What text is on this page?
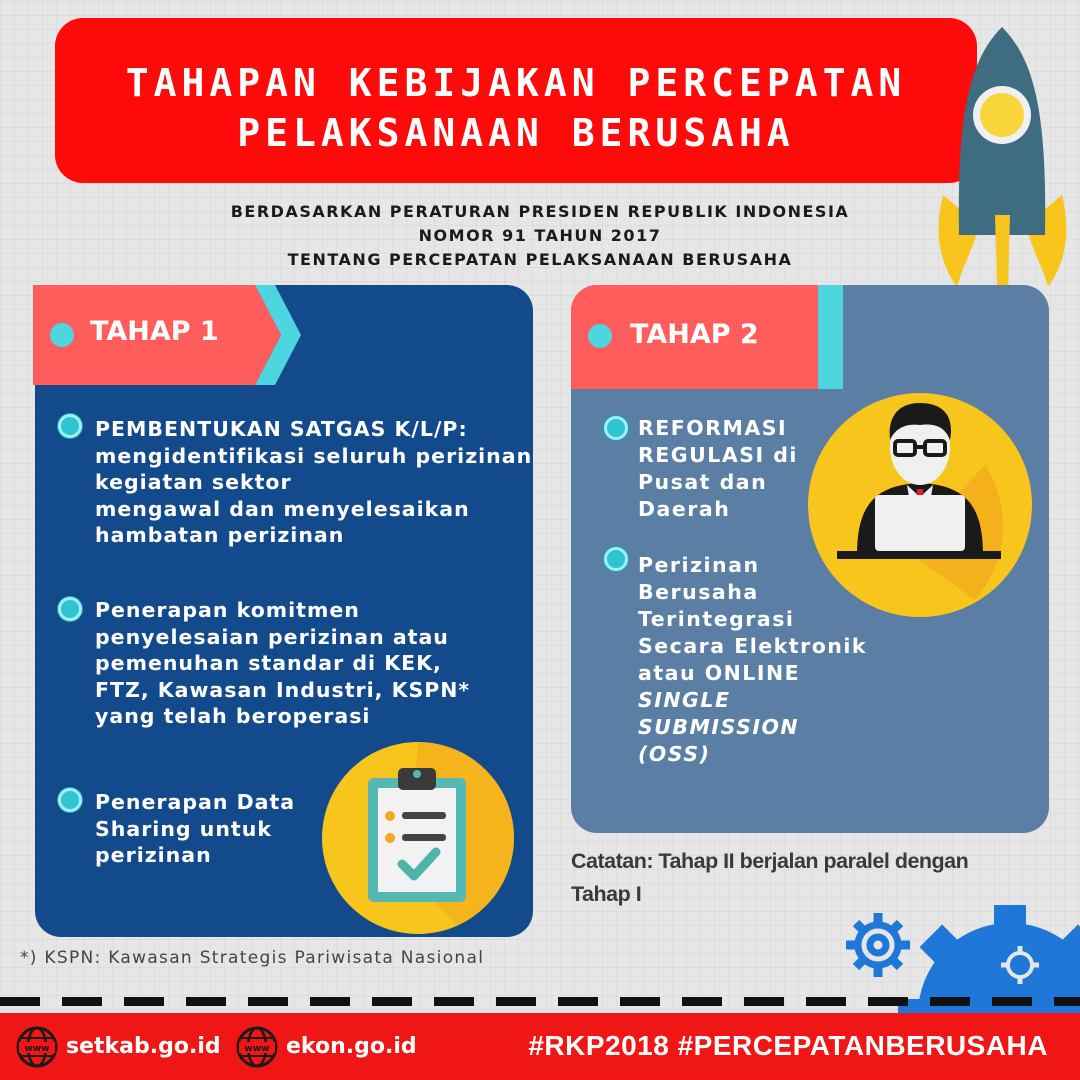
TAHAPAN KEBIJAKAN PERCEPATAN
PELAKSANAAN BERUSAHA
BERDASARKAN PERATURAN PRESIDEN REPUBLIK INDONESIA
NOMOR 91 TAHUN 2017
TENTANG PERCEPATAN PELAKSANAAN BERUSAHA
TAHAP 1
PEMBENTUKAN SATGAS K/L/P:
mengidentifikasi seluruh perizinan
kegiatan sektor
mengawal dan menyelesaikan
hambatan perizinan
Penerapan komitmen
penyelesaian perizinan atau
pemenuhan standar di KEK,
FTZ, Kawasan Industri, KSPN*
yang telah beroperasi
Penerapan Data
Sharing untuk
perizinan
TAHAP 2
REFORMASI
REGULASI di
Pusat dan
Daerah
Perizinan
Berusaha
Terintegrasi
Secara Elektronik
atau ONLINE
SINGLE
SUBMISSION
(OSS)
Catatan: Tahap II berjalan paralel dengan Tahap I
*) KSPN: Kawasan Strategis Pariwisata Nasional
www setkab.go.id	www ekon.go.id	#RKP2018 #PERCEPATANBERUSAHA
